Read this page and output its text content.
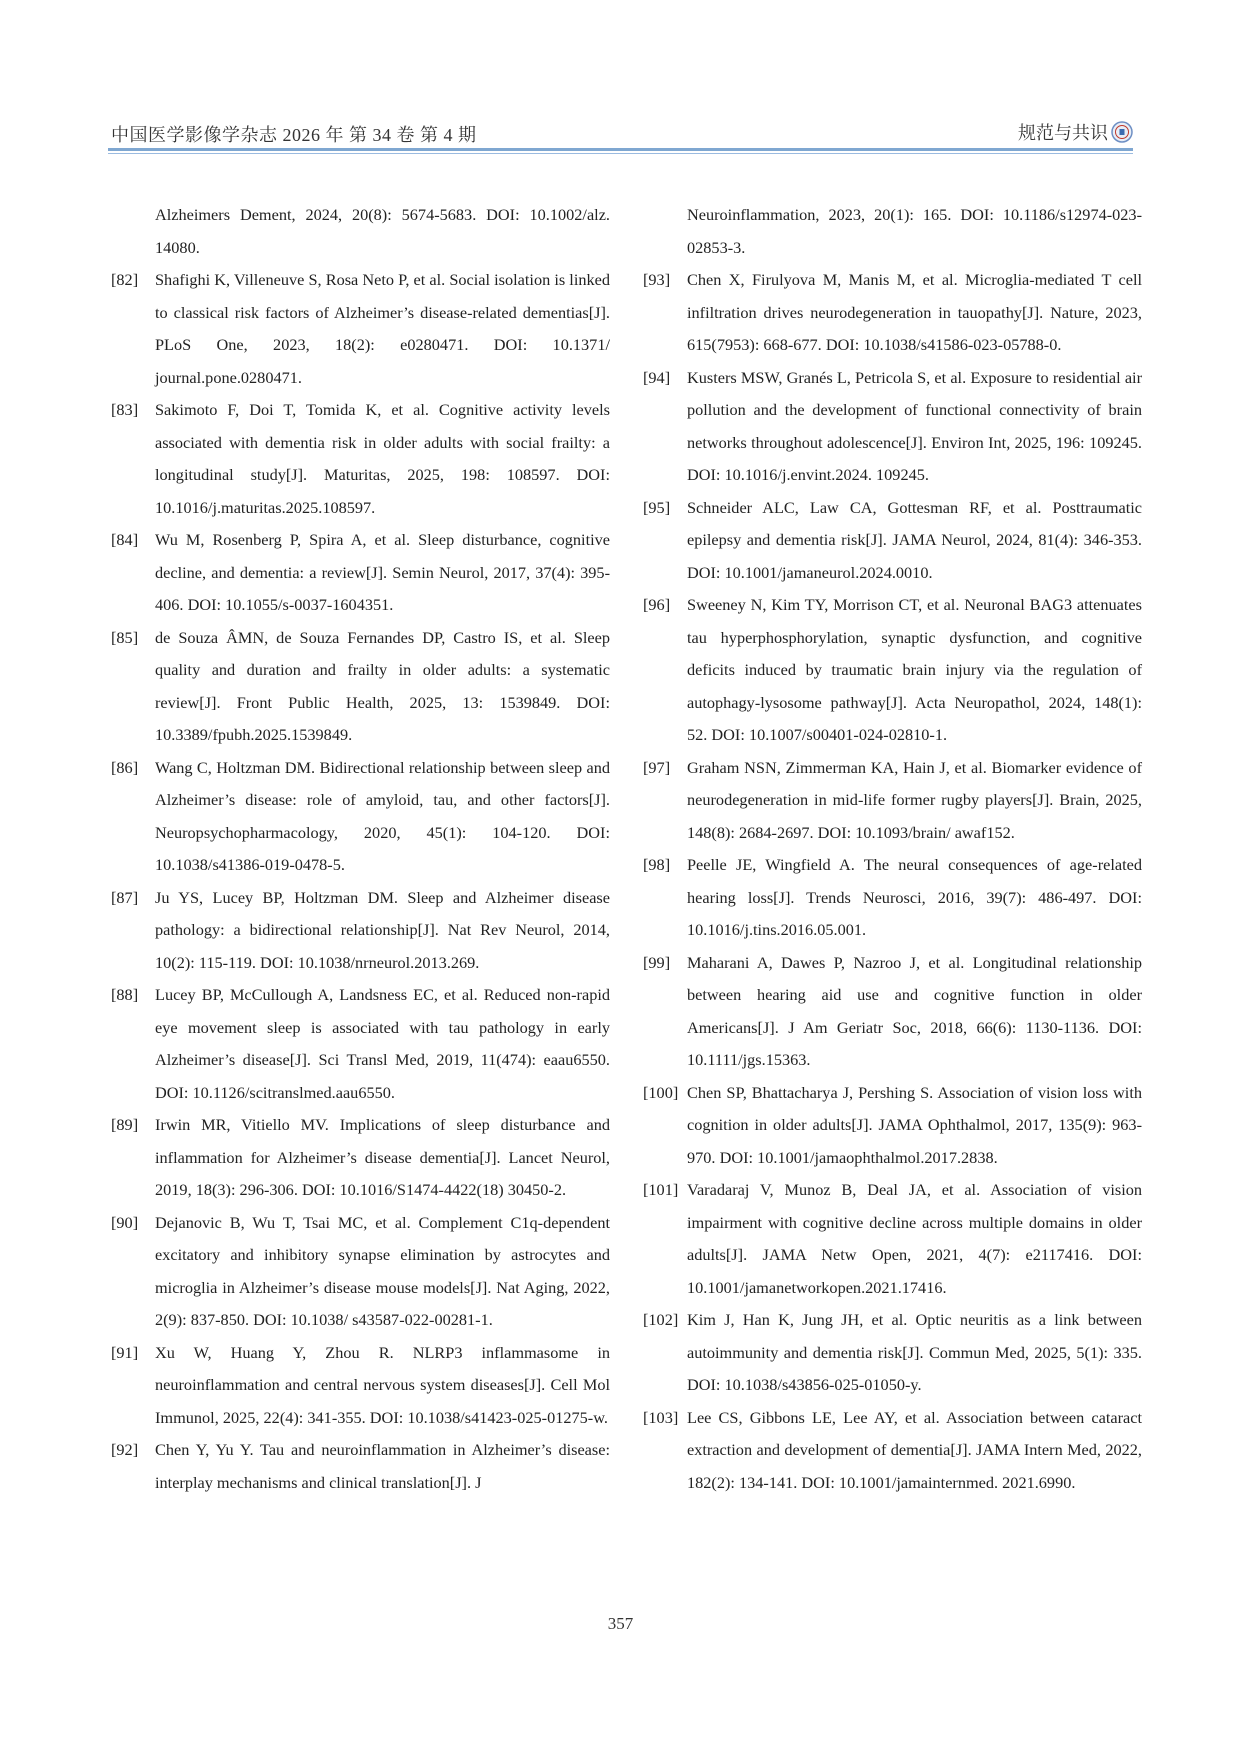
中国医学影像学杂志 2026 年 第 34 卷 第 4 期	规范与共识
Alzheimers Dement, 2024, 20(8): 5674-5683. DOI: 10.1002/alz. 14080.
[82] Shafighi K, Villeneuve S, Rosa Neto P, et al. Social isolation is linked to classical risk factors of Alzheimer’s disease-related dementias[J]. PLoS One, 2023, 18(2): e0280471. DOI: 10.1371/ journal.pone.0280471.
[83] Sakimoto F, Doi T, Tomida K, et al. Cognitive activity levels associated with dementia risk in older adults with social frailty: a longitudinal study[J]. Maturitas, 2025, 198: 108597. DOI: 10.1016/j.maturitas.2025.108597.
[84] Wu M, Rosenberg P, Spira A, et al. Sleep disturbance, cognitive decline, and dementia: a review[J]. Semin Neurol, 2017, 37(4): 395-406. DOI: 10.1055/s-0037-1604351.
[85] de Souza ÂMN, de Souza Fernandes DP, Castro IS, et al. Sleep quality and duration and frailty in older adults: a systematic review[J]. Front Public Health, 2025, 13: 1539849. DOI: 10.3389/fpubh.2025.1539849.
[86] Wang C, Holtzman DM. Bidirectional relationship between sleep and Alzheimer’s disease: role of amyloid, tau, and other factors[J]. Neuropsychopharmacology, 2020, 45(1): 104-120. DOI: 10.1038/s41386-019-0478-5.
[87] Ju YS, Lucey BP, Holtzman DM. Sleep and Alzheimer disease pathology: a bidirectional relationship[J]. Nat Rev Neurol, 2014, 10(2): 115-119. DOI: 10.1038/nrneurol.2013.269.
[88] Lucey BP, McCullough A, Landsness EC, et al. Reduced non-rapid eye movement sleep is associated with tau pathology in early Alzheimer’s disease[J]. Sci Transl Med, 2019, 11(474): eaau6550. DOI: 10.1126/scitranslmed.aau6550.
[89] Irwin MR, Vitiello MV. Implications of sleep disturbance and inflammation for Alzheimer’s disease dementia[J]. Lancet Neurol, 2019, 18(3): 296-306. DOI: 10.1016/S1474-4422(18) 30450-2.
[90] Dejanovic B, Wu T, Tsai MC, et al. Complement C1q-dependent excitatory and inhibitory synapse elimination by astrocytes and microglia in Alzheimer’s disease mouse models[J]. Nat Aging, 2022, 2(9): 837-850. DOI: 10.1038/ s43587-022-00281-1.
[91] Xu W, Huang Y, Zhou R. NLRP3 inflammasome in neuroinflammation and central nervous system diseases[J]. Cell Mol Immunol, 2025, 22(4): 341-355. DOI: 10.1038/s41423-025-01275-w.
[92] Chen Y, Yu Y. Tau and neuroinflammation in Alzheimer’s disease: interplay mechanisms and clinical translation[J]. J
Neuroinflammation, 2023, 20(1): 165. DOI: 10.1186/s12974-023-02853-3.
[93] Chen X, Firulyova M, Manis M, et al. Microglia-mediated T cell infiltration drives neurodegeneration in tauopathy[J]. Nature, 2023, 615(7953): 668-677. DOI: 10.1038/s41586-023-05788-0.
[94] Kusters MSW, Granés L, Petricola S, et al. Exposure to residential air pollution and the development of functional connectivity of brain networks throughout adolescence[J]. Environ Int, 2025, 196: 109245. DOI: 10.1016/j.envint.2024. 109245.
[95] Schneider ALC, Law CA, Gottesman RF, et al. Posttraumatic epilepsy and dementia risk[J]. JAMA Neurol, 2024, 81(4): 346-353. DOI: 10.1001/jamaneurol.2024.0010.
[96] Sweeney N, Kim TY, Morrison CT, et al. Neuronal BAG3 attenuates tau hyperphosphorylation, synaptic dysfunction, and cognitive deficits induced by traumatic brain injury via the regulation of autophagy-lysosome pathway[J]. Acta Neuropathol, 2024, 148(1): 52. DOI: 10.1007/s00401-024-02810-1.
[97] Graham NSN, Zimmerman KA, Hain J, et al. Biomarker evidence of neurodegeneration in mid-life former rugby players[J]. Brain, 2025, 148(8): 2684-2697. DOI: 10.1093/brain/ awaf152.
[98] Peelle JE, Wingfield A. The neural consequences of age-related hearing loss[J]. Trends Neurosci, 2016, 39(7): 486-497. DOI: 10.1016/j.tins.2016.05.001.
[99] Maharani A, Dawes P, Nazroo J, et al. Longitudinal relationship between hearing aid use and cognitive function in older Americans[J]. J Am Geriatr Soc, 2018, 66(6): 1130-1136. DOI: 10.1111/jgs.15363.
[100] Chen SP, Bhattacharya J, Pershing S. Association of vision loss with cognition in older adults[J]. JAMA Ophthalmol, 2017, 135(9): 963-970. DOI: 10.1001/jamaophthalmol.2017.2838.
[101] Varadaraj V, Munoz B, Deal JA, et al. Association of vision impairment with cognitive decline across multiple domains in older adults[J]. JAMA Netw Open, 2021, 4(7): e2117416. DOI: 10.1001/jamanetworkopen.2021.17416.
[102] Kim J, Han K, Jung JH, et al. Optic neuritis as a link between autoimmunity and dementia risk[J]. Commun Med, 2025, 5(1): 335. DOI: 10.1038/s43856-025-01050-y.
[103] Lee CS, Gibbons LE, Lee AY, et al. Association between cataract extraction and development of dementia[J]. JAMA Intern Med, 2022, 182(2): 134-141. DOI: 10.1001/jamainternmed. 2021.6990.
357
